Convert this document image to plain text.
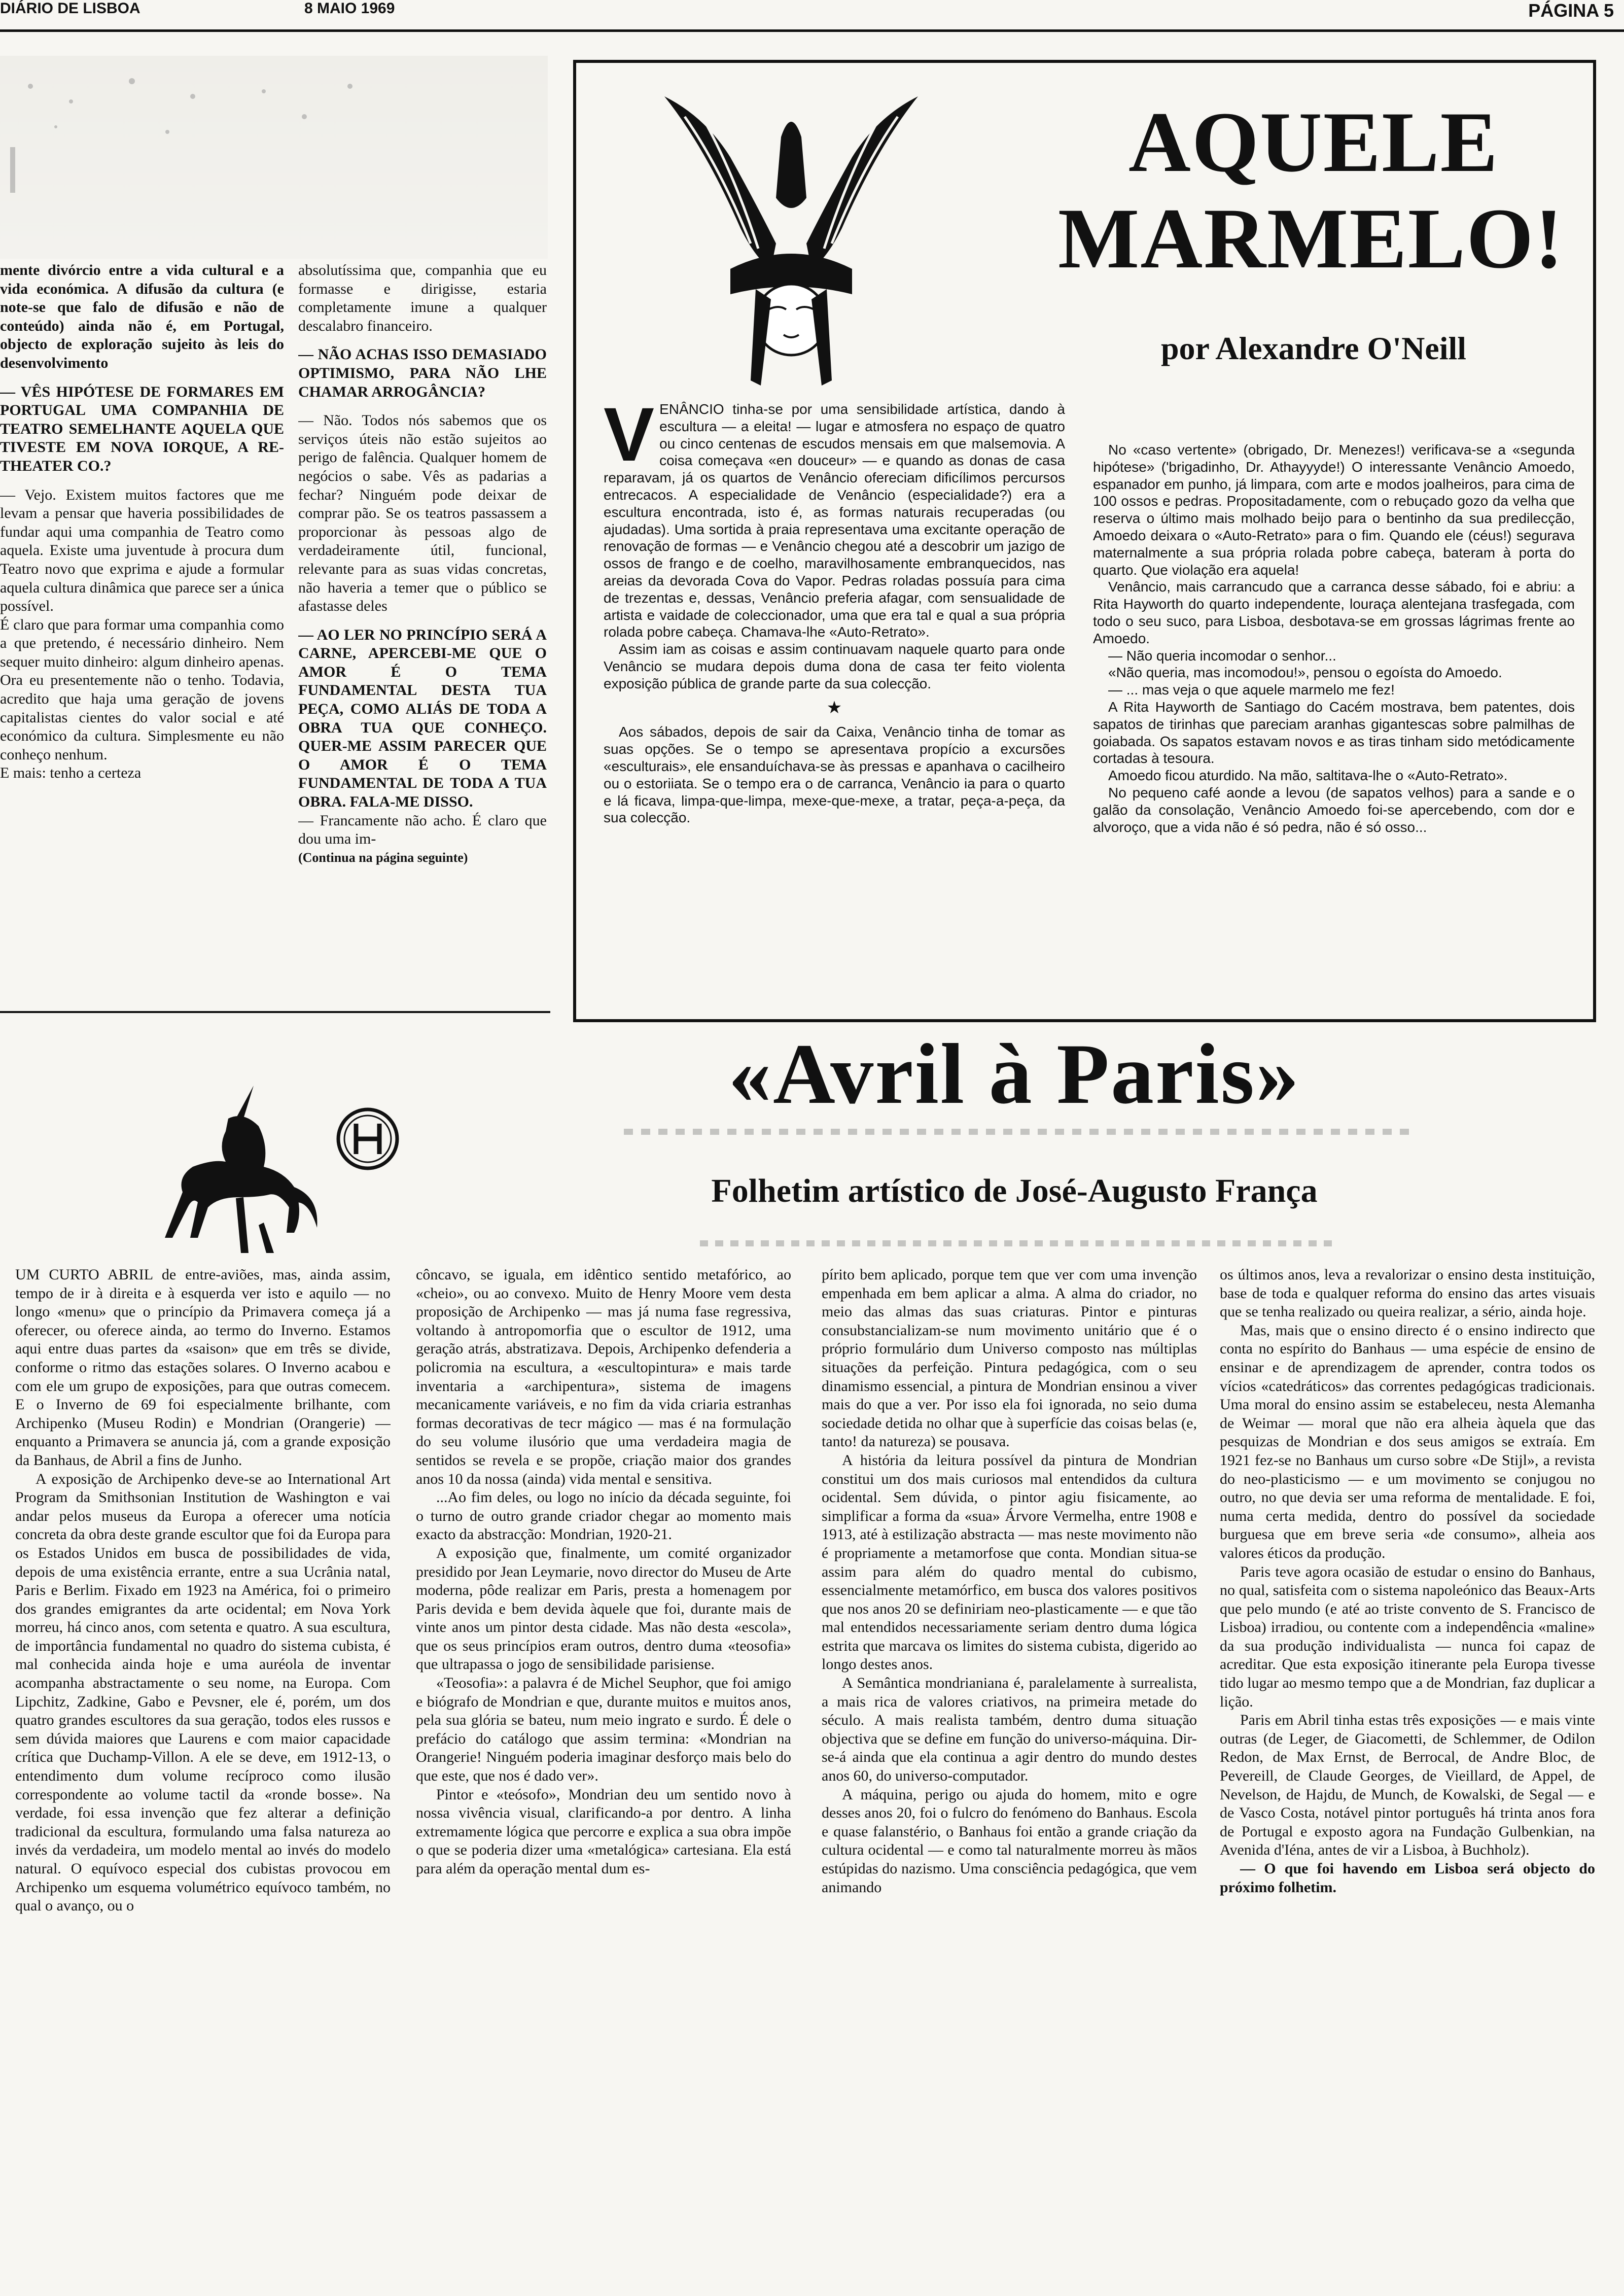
DIÁRIO DE LISBOA	8 MAIO 1969	PÁGINA 5

mente divórcio entre a vida cultural e a vida económica. A difusão da cultura (e note-se que falo de difusão e não de conteúdo) ainda não é, em Portugal, objecto de exploração sujeito às leis do desenvolvimento

— VÊS HIPÓTESE DE FORMARES EM PORTUGAL UMA COMPANHIA DE TEATRO SEMELHANTE AQUELA QUE TIVESTE EM NOVA IORQUE, A RE-THEATER CO.?

— Vejo. Existem muitos factores que me levam a pensar que haveria possibilidades de fundar aqui uma companhia de Teatro como aquela. Existe uma juventude à procura dum Teatro novo que exprima e ajude a formular aquela cultura dinâmica que parece ser a única possível.

É claro que para formar uma companhia como a que pretendo, é necessário dinheiro. Nem sequer muito dinheiro: algum dinheiro apenas. Ora eu presentemente não o tenho. Todavia, acredito que haja uma geração de jovens capitalistas cientes do valor social e até económico da cultura. Simplesmente eu não conheço nenhum.

E mais: tenho a certeza

absolutíssima que, companhia que eu formasse e dirigisse, estaria completamente imune a qualquer descalabro financeiro.

— NÃO ACHAS ISSO DEMASIADO OPTIMISMO, PARA NÃO LHE CHAMAR ARROGÂNCIA?

— Não. Todos nós sabemos que os serviços úteis não estão sujeitos ao perigo de falência. Qualquer homem de negócios o sabe. Vês as padarias a fechar? Ninguém pode deixar de comprar pão. Se os teatros passassem a proporcionar às pessoas algo de verdadeiramente útil, funcional, relevante para as suas vidas concretas, não haveria a temer que o público se afastasse deles

— AO LER NO PRINCÍPIO SERÁ A CARNE, APERCEBI-ME QUE O AMOR É O TEMA FUNDAMENTAL DESTA TUA PEÇA, COMO ALIÁS DE TODA A OBRA TUA QUE CONHEÇO. QUER-ME ASSIM PARECER QUE O AMOR É O TEMA FUNDAMENTAL DE TODA A TUA OBRA. FALA-ME DISSO.

— Francamente não acho. É claro que dou uma im-

(Continua na página seguinte)

AQUELE
MARMELO!
por Alexandre O'Neill

VENÂNCIO tinha-se por uma sensibilidade artística, dando à escultura — a eleita! — lugar e atmosfera no espaço de quatro ou cinco centenas de escudos mensais em que malsemovia. A coisa começava «en douceur» — e quando as donas de casa reparavam, já os quartos de Venâncio ofereciam dificílimos percursos entrecacos. A especialidade de Venâncio (especialidade?) era a escultura encontrada, isto é, as formas naturais recuperadas (ou ajudadas). Uma sortida à praia representava uma excitante operação de renovação de formas — e Venâncio chegou até a descobrir um jazigo de ossos de frango e de coelho, maravilhosamente embranquecidos, nas areias da devorada Cova do Vapor. Pedras roladas possuía para cima de trezentas e, dessas, Venâncio preferia afagar, com sensualidade de artista e vaidade de coleccionador, uma que era tal e qual a sua própria rolada pobre cabeça. Chamava-lhe «Auto-Retrato».

Assim iam as coisas e assim continuavam naquele quarto para onde Venâncio se mudara depois duma dona de casa ter feito violenta exposição pública de grande parte da sua colecção.

★

Aos sábados, depois de sair da Caixa, Venâncio tinha de tomar as suas opções. Se o tempo se apresentava propício a excursões «esculturais», ele ensanduíchava-se às pressas e apanhava o cacilheiro ou o estoriiata. Se o tempo era o de carranca, Venâncio ia para o quarto e lá ficava, limpa-que-limpa, mexe-que-mexe, a tratar, peça-a-peça, da sua colecção.

No «caso vertente» (obrigado, Dr. Menezes!) verificava-se a «segunda hipótese» ('brigadinho, Dr. Athayyyde!) O interessante Venâncio Amoedo, espanador em punho, já limpara, com arte e modos joalheiros, para cima de 100 ossos e pedras. Propositadamente, com o rebuçado gozo da velha que reserva o último mais molhado beijo para o bentinho da sua predilecção, Amoedo deixara o «Auto-Retrato» para o fim. Quando ele (céus!) segurava maternalmente a sua própria rolada pobre cabeça, bateram à porta do quarto. Que violação era aquela!

Venâncio, mais carrancudo que a carranca desse sábado, foi e abriu: a Rita Hayworth do quarto independente, louraça alentejana trasfegada, com todo o seu suco, para Lisboa, desbotava-se em grossas lágrimas frente ao Amoedo.

— Não queria incomodar o senhor...

«Não queria, mas incomodou!», pensou o egoísta do Amoedo.

— ... mas veja o que aquele marmelo me fez!

A Rita Hayworth de Santiago do Cacém mostrava, bem patentes, dois sapatos de tirinhas que pareciam aranhas gigantescas sobre palmilhas de goiabada. Os sapatos estavam novos e as tiras tinham sido metódicamente cortadas à tesoura.

Amoedo ficou aturdido. Na mão, saltitava-lhe o «Auto-Retrato».

No pequeno café aonde a levou (de sapatos velhos) para a sande e o galão da consolação, Venâncio Amoedo foi-se apercebendo, com dor e alvoroço, que a vida não é só pedra, não é só osso...

«Avril à Paris»
Folhetim artístico de José-Augusto França

UM CURTO ABRIL de entre-aviões, mas, ainda assim, tempo de ir à direita e à esquerda ver isto e aquilo — no longo «menu» que o princípio da Primavera começa já a oferecer, ou oferece ainda, ao termo do Inverno. Estamos aqui entre duas partes da «saison» que em três se divide, conforme o ritmo das estações solares. O Inverno acabou e com ele um grupo de exposições, para que outras comecem. E o Inverno de 69 foi especialmente brilhante, com Archipenko (Museu Rodin) e Mondrian (Orangerie) — enquanto a Primavera se anuncia já, com a grande exposição da Banhaus, de Abril a fins de Junho.

A exposição de Archipenko deve-se ao International Art Program da Smithsonian Institution de Washington e vai andar pelos museus da Europa a oferecer uma notícia concreta da obra deste grande escultor que foi da Europa para os Estados Unidos em busca de possibilidades de vida, depois de uma existência errante, entre a sua Ucrânia natal, Paris e Berlim. Fixado em 1923 na América, foi o primeiro dos grandes emigrantes da arte ocidental; em Nova York morreu, há cinco anos, com setenta e quatro. A sua escultura, de importância fundamental no quadro do sistema cubista, é mal conhecida ainda hoje e uma auréola de inventar acompanha abstractamente o seu nome, na Europa. Com Lipchitz, Zadkine, Gabo e Pevsner, ele é, porém, um dos quatro grandes escultores da sua geração, todos eles russos e sem dúvida maiores que Laurens e com maior capacidade crítica que Duchamp-Villon. A ele se deve, em 1912-13, o entendimento dum volume recíproco como ilusão correspondente ao volume tactil da «ronde bosse». Na verdade, foi essa invenção que fez alterar a definição tradicional da escultura, formulando uma falsa natureza ao invés da verdadeira, um modelo mental ao invés do modelo natural. O equívoco especial dos cubistas provocou em Archipenko um esquema volumétrico equívoco também, no qual o avanço, ou o

côncavo, se iguala, em idêntico sentido metafórico, ao «cheio», ou ao convexo. Muito de Henry Moore vem desta proposição de Archipenko — mas já numa fase regressiva, voltando à antropomorfia que o escultor de 1912, uma geração atrás, abstratizava. Depois, Archipenko defenderia a policromia na escultura, a «escultopintura» e mais tarde inventaria a «archipentura», sistema de imagens mecanicamente variáveis, e no fim da vida criaria estranhas formas decorativas de tecr mágico — mas é na formulação do seu volume ilusório que uma verdadeira magia de sentidos se revela e se propõe, criação maior dos grandes anos 10 da nossa (ainda) vida mental e sensitiva.

...Ao fim deles, ou logo no início da década seguinte, foi o turno de outro grande criador chegar ao momento mais exacto da abstracção: Mondrian, 1920-21.

A exposição que, finalmente, um comité organizador presidido por Jean Leymarie, novo director do Museu de Arte moderna, pôde realizar em Paris, presta a homenagem por Paris devida e bem devida àquele que foi, durante mais de vinte anos um pintor desta cidade. Mas não desta «escola», que os seus princípios eram outros, dentro duma «teosofia» que ultrapassa o jogo de sensibilidade parisiense.

«Teosofia»: a palavra é de Michel Seuphor, que foi amigo e biógrafo de Mondrian e que, durante muitos e muitos anos, pela sua glória se bateu, num meio ingrato e surdo. É dele o prefácio do catálogo que assim termina: «Mondrian na Orangerie! Ninguém poderia imaginar desforço mais belo do que este, que nos é dado ver».

Pintor e «teósofo», Mondrian deu um sentido novo à nossa vivência visual, clarificando-a por dentro. A linha extremamente lógica que percorre e explica a sua obra impõe o que se poderia dizer uma «metalógica» cartesiana. Ela está para além da operação mental dum es-

pírito bem aplicado, porque tem que ver com uma invenção empenhada em bem aplicar a alma. A alma do criador, no meio das almas das suas criaturas. Pintor e pinturas consubstancializam-se num movimento unitário que é o próprio formulário dum Universo composto nas múltiplas situações da perfeição. Pintura pedagógica, com o seu dinamismo essencial, a pintura de Mondrian ensinou a viver mais do que a ver. Por isso ela foi ignorada, no seio duma sociedade detida no olhar que à superfície das coisas belas (e, tanto! da natureza) se pousava.

A história da leitura possível da pintura de Mondrian constitui um dos mais curiosos mal entendidos da cultura ocidental. Sem dúvida, o pintor agiu fisicamente, ao simplificar a forma da «sua» Árvore Vermelha, entre 1908 e 1913, até à estilização abstracta — mas neste movimento não é propriamente a metamorfose que conta. Mondian situa-se assim para além do quadro mental do cubismo, essencialmente metamórfico, em busca dos valores positivos que nos anos 20 se definiriam neo-plasticamente — e que tão mal entendidos necessariamente seriam dentro duma lógica estrita que marcava os limites do sistema cubista, digerido ao longo destes anos.

A Semântica mondrianiana é, paralelamente à surrealista, a mais rica de valores criativos, na primeira metade do século. A mais realista também, dentro duma situação objectiva que se define em função do universo-máquina. Dir-se-á ainda que ela continua a agir dentro do mundo destes anos 60, do universo-computador.

A máquina, perigo ou ajuda do homem, mito e ogre desses anos 20, foi o fulcro do fenómeno do Banhaus. Escola e quase falanstério, o Banhaus foi então a grande criação da cultura ocidental — e como tal naturalmente morreu às mãos estúpidas do nazismo. Uma consciência pedagógica, que vem animando

os últimos anos, leva a revalorizar o ensino desta instituição, base de toda e qualquer reforma do ensino das artes visuais que se tenha realizado ou queira realizar, a sério, ainda hoje.

Mas, mais que o ensino directo é o ensino indirecto que conta no espírito do Banhaus — uma espécie de ensino de ensinar e de aprendizagem de aprender, contra todos os vícios «catedráticos» das correntes pedagógicas tradicionais. Uma moral do ensino assim se estabeleceu, nesta Alemanha de Weimar — moral que não era alheia àquela que das pesquizas de Mondrian e dos seus amigos se extraía. Em 1921 fez-se no Banhaus um curso sobre «De Stijl», a revista do neo-plasticismo — e um movimento se conjugou no outro, no que devia ser uma reforma de mentalidade. E foi, numa certa medida, dentro do possível da sociedade burguesa que em breve seria «de consumo», alheia aos valores éticos da produção.

Paris teve agora ocasião de estudar o ensino do Banhaus, no qual, satisfeita com o sistema napoleónico das Beaux-Arts que pelo mundo (e até ao triste convento de S. Francisco de Lisboa) irradiou, ou contente com a independência «maline» da sua produção individualista — nunca foi capaz de acreditar. Que esta exposição itinerante pela Europa tivesse tido lugar ao mesmo tempo que a de Mondrian, faz duplicar a lição.

Paris em Abril tinha estas três exposições — e mais vinte outras (de Leger, de Giacometti, de Schlemmer, de Odilon Redon, de Max Ernst, de Berrocal, de Andre Bloc, de Pevereill, de Claude Georges, de Vieillard, de Appel, de Nevelson, de Hajdu, de Munch, de Kowalski, de Segal — e de Vasco Costa, notável pintor português há trinta anos fora de Portugal e exposto agora na Fundação Gulbenkian, na Avenida d'Iéna, antes de vir a Lisboa, à Buchholz).

— O que foi havendo em Lisboa será objecto do próximo folhetim.
